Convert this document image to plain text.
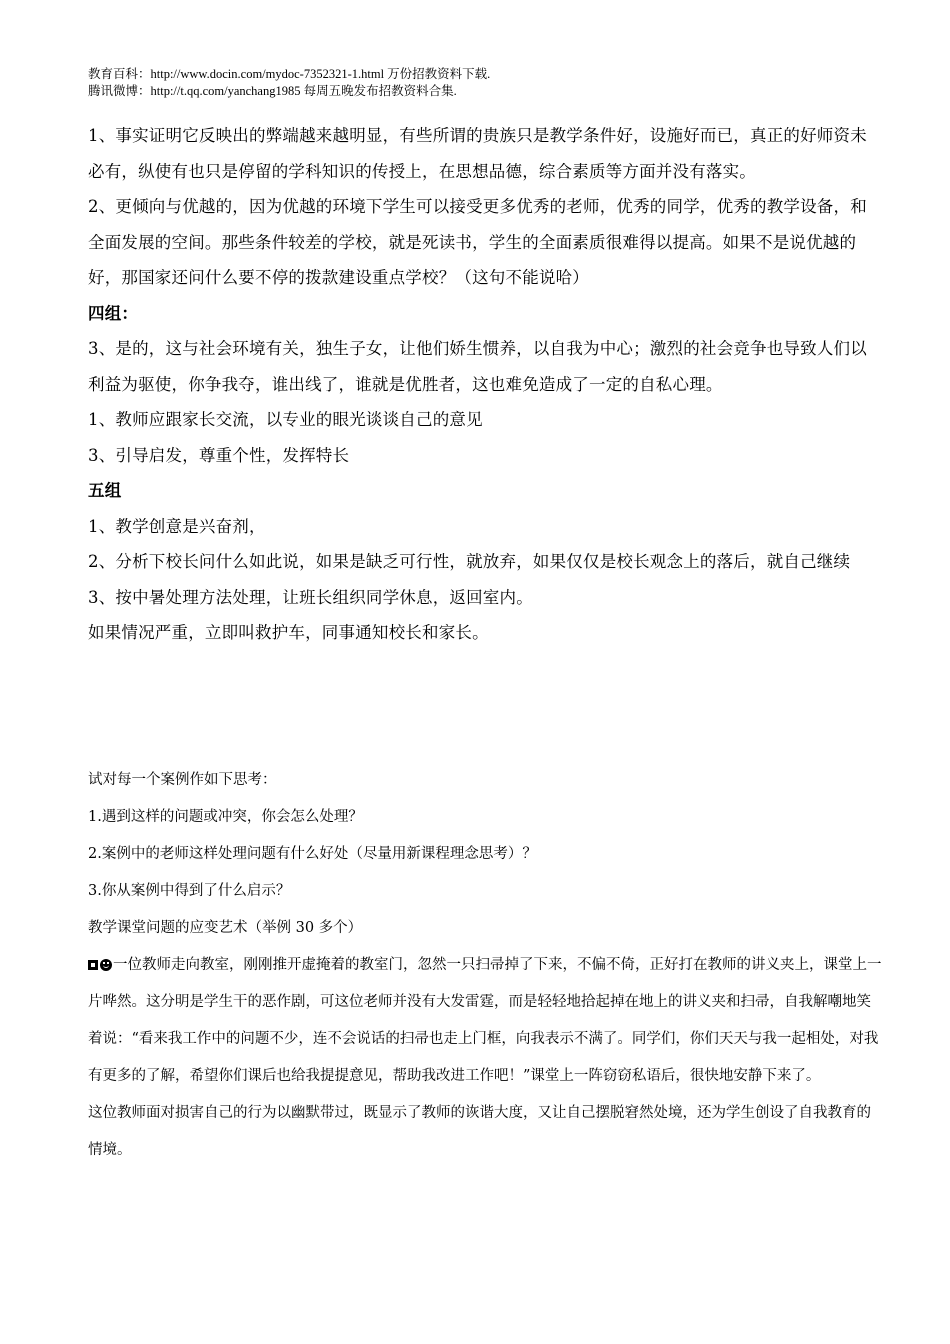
教育百科：http://www.docin.com/mydoc-7352321-1.html 万份招教资料下载.
腾讯微博：http://t.qq.com/yanchang1985 每周五晚发布招教资料合集.

1、事实证明它反映出的弊端越来越明显，有些所谓的贵族只是教学条件好，设施好而已，真正的好师资未必有，纵使有也只是停留的学科知识的传授上，在思想品德，综合素质等方面并没有落实。

2、更倾向与优越的，因为优越的环境下学生可以接受更多优秀的老师，优秀的同学，优秀的教学设备，和全面发展的空间。那些条件较差的学校，就是死读书，学生的全面素质很难得以提高。如果不是说优越的好，那国家还问什么要不停的拨款建设重点学校？（这句不能说哈）

四组：

3、是的，这与社会环境有关，独生子女，让他们娇生惯养，以自我为中心；激烈的社会竞争也导致人们以利益为驱使，你争我夺，谁出线了，谁就是优胜者，这也难免造成了一定的自私心理。

1、教师应跟家长交流，以专业的眼光谈谈自己的意见

3、引导启发，尊重个性，发挥特长

五组

1、教学创意是兴奋剂，

2、分析下校长问什么如此说，如果是缺乏可行性，就放弃，如果仅仅是校长观念上的落后，就自己继续

3、按中暑处理方法处理，让班长组织同学休息，返回室内。

如果情况严重，立即叫救护车，同事通知校长和家长。

试对每一个案例作如下思考：

1.遇到这样的问题或冲突，你会怎么处理？

2.案例中的老师这样处理问题有什么好处（尽量用新课程理念思考）？

3.你从案例中得到了什么启示？

教学课堂问题的应变艺术（举例 30 多个）

一位教师走向教室，刚刚推开虚掩着的教室门，忽然一只扫帚掉了下来，不偏不倚，正好打在教师的讲义夹上，课堂上一片哗然。这分明是学生干的恶作剧，可这位老师并没有大发雷霆，而是轻轻地拾起掉在地上的讲义夹和扫帚，自我解嘲地笑着说：“看来我工作中的问题不少，连不会说话的扫帚也走上门框，向我表示不满了。同学们，你们天天与我一起相处，对我有更多的了解，希望你们课后也给我提提意见，帮助我改进工作吧！”课堂上一阵窃窃私语后，很快地安静下来了。

这位教师面对损害自己的行为以幽默带过，既显示了教师的诙谐大度，又让自己摆脱窘然处境，还为学生创设了自我教育的情境。
